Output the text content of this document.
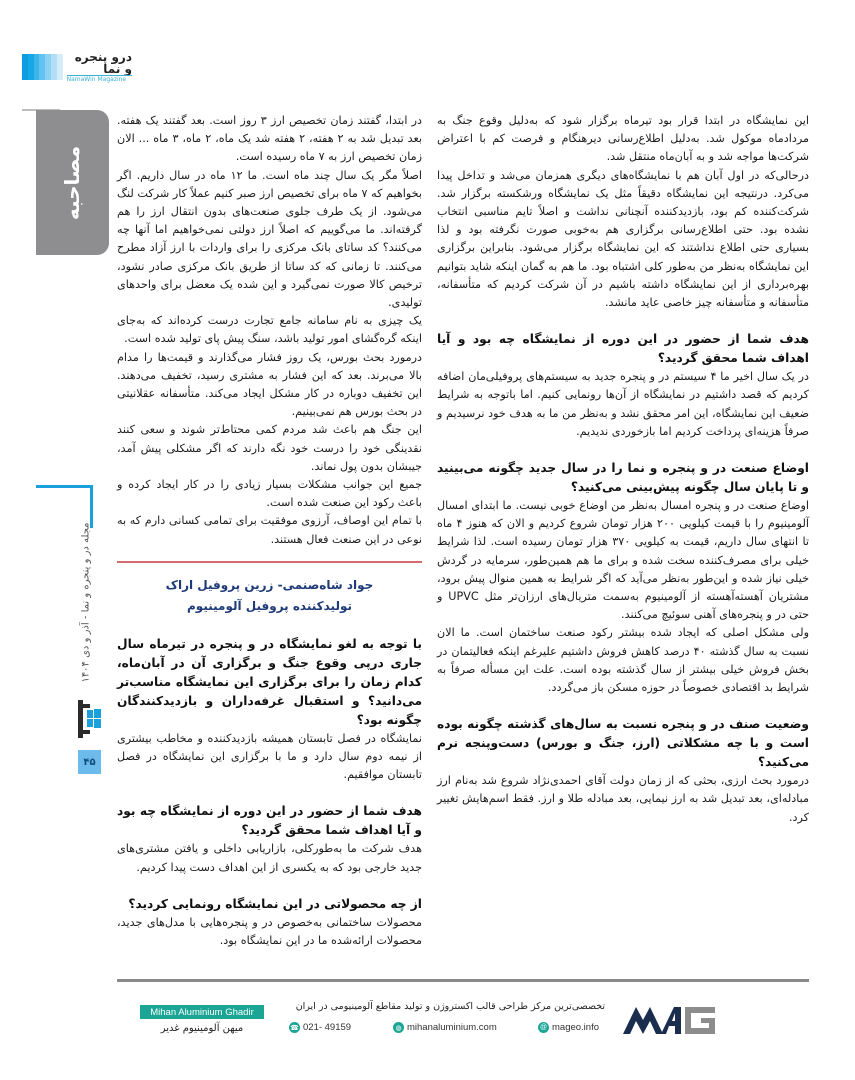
درو پنجره و نما
NamaWin Magazine
مصاحبه
مجله در و پنجره و نما - آذر و دی ۱۴۰۴
۴۵

این نمایشگاه در ابتدا قرار بود تیرماه برگزار شود که به‌دلیل وقوع جنگ به مردادماه موکول شد. به‌دلیل اطلاع‌رسانی دیرهنگام و فرصت کم با اعتراض شرکت‌ها مواجه شد و به آبان‌ماه منتقل شد.

درحالی‌که در اول آبان هم با نمایشگاه‌های دیگری همزمان می‌شد و تداخل پیدا می‌کرد. درنتیجه این نمایشگاه دقیقاً مثل یک نمایشگاه ورشکسته برگزار شد. شرکت‌کننده کم بود، بازدیدکننده آنچنانی نداشت و اصلاً تایم مناسبی انتخاب نشده بود. حتی اطلاع‌رسانی برگزاری هم به‌خوبی صورت نگرفته بود و لذا بسیاری حتی اطلاع نداشتند که این نمایشگاه برگزار می‌شود. بنابراین برگزاری این نمایشگاه به‌نظر من به‌طور کلی اشتباه بود. ما هم به گمان اینکه شاید بتوانیم بهره‌برداری از این نمایشگاه داشته باشیم در آن شرکت کردیم که متأسفانه، متأسفانه و متأسفانه چیز خاصی عاید مانشد.

هدف شما از حضور در این دوره از نمایشگاه چه بود و آیا اهداف شما محقق گردید؟

در یک سال اخیر ما ۴ سیستم در و پنجره جدید به سیستم‌های پروفیلی‌مان اضافه کردیم که قصد داشتیم در نمایشگاه از آن‌ها رونمایی کنیم. اما باتوجه به شرایط ضعیف این نمایشگاه، این امر محقق نشد و به‌نظر من ما به هدف خود نرسیدیم و صرفاً هزینه‌ای پرداخت کردیم اما بازخوردی ندیدیم.

اوضاع صنعت در و پنجره و نما را در سال جدید چگونه می‌بینید و تا پایان سال چگونه پیش‌بینی می‌کنید؟

اوضاع صنعت در و پنجره امسال به‌نظر من اوضاع خوبی نیست. ما ابتدای امسال آلومینیوم را با قیمت کیلویی ۲۰۰ هزار تومان شروع کردیم و الان که هنوز ۴ ماه تا انتهای سال داریم، قیمت به کیلویی ۳۷۰ هزار تومان رسیده است. لذا شرایط خیلی برای مصرف‌کننده سخت شده و برای ما هم همین‌طور، سرمایه در گردش خیلی نیاز شده و این‌طور به‌نظر می‌آید که اگر شرایط به همین منوال پیش برود، مشتریان آهسته‌آهسته از آلومینیوم به‌سمت متریال‌های ارزان‌تر مثل UPVC و حتی در و پنجره‌های آهنی سوئیچ می‌کنند.

ولی مشکل اصلی که ایجاد شده بیشتر رکود صنعت ساختمان است. ما الان نسبت به سال گذشته ۴۰ درصد کاهش فروش داشتیم علیرغم اینکه فعالیتمان در بخش فروش خیلی بیشتر از سال گذشته بوده است. علت این مسأله صرفاً به شرایط بد اقتصادی خصوصاً در حوزه مسکن باز می‌گردد.

وضعیت صنف در و پنجره نسبت به سال‌های گذشته چگونه بوده است و با چه مشکلاتی (ارز، جنگ و بورس) دست‌وپنجه نرم می‌کنید؟

درمورد بحث ارزی، بحثی که از زمان دولت آقای احمدی‌نژاد شروع شد به‌نام ارز مبادله‌ای، بعد تبدیل شد به ارز نیمایی، بعد مبادله طلا و ارز. فقط اسم‌هایش تغییر کرد.

در ابتدا، گفتند زمان تخصیص ارز ۳ روز است. بعد گفتند یک هفته. بعد تبدیل شد به ۲ هفته، ۲ هفته شد یک ماه، ۲ ماه، ۳ ماه ... الان زمان تخصیص ارز به ۷ ماه رسیده است.

اصلاً مگر یک سال چند ماه است. ما ۱۲ ماه در سال داریم. اگر بخواهیم که ۷ ماه برای تخصیص ارز صبر کنیم عملاً کار شرکت لنگ می‌شود. از یک طرف جلوی صنعت‌های بدون انتقال ارز را هم گرفته‌اند. ما می‌گوییم که اصلاً ارز دولتی نمی‌خواهیم اما آنها چه می‌کنند؟ کد ساتای بانک مرکزی را برای واردات با ارز آزاد مطرح می‌کنند. تا زمانی که کد ساتا از طریق بانک مرکزی صادر نشود، ترخیص کالا صورت نمی‌گیرد و این شده یک معضل برای واحدهای تولیدی.

یک چیزی به نام سامانه جامع تجارت درست کرده‌اند که به‌جای اینکه گره‌گشای امور تولید باشد، سنگ پیش پای تولید شده است.

درمورد بحث بورس، یک روز فشار می‌گذارند و قیمت‌ها را مدام بالا می‌برند. بعد که این فشار به مشتری رسید، تخفیف می‌دهند. این تخفیف دوباره در کار مشکل ایجاد می‌کند. متأسفانه عقلانیتی در بحث بورس هم نمی‌بینیم.

این جنگ هم باعث شد مردم کمی محتاط‌تر شوند و سعی کنند نقدینگی خود را درست خود نگه دارند که اگر مشکلی پیش آمد، جیبشان بدون پول نماند.

جمیع این جوانب مشکلات بسیار زیادی را در کار ایجاد کرده و باعث رکود این صنعت شده است.

با تمام این اوصاف، آرزوی موفقیت برای تمامی کسانی دارم که به نوعی در این صنعت فعال هستند.

جواد شاه‌صنمی- زرین پروفیل اراک
تولیدکننده پروفیل آلومینیوم

با توجه به لغو نمایشگاه در و پنجره در تیرماه سال جاری درپی وقوع جنگ و برگزاری آن در آبان‌ماه، کدام زمان را برای برگزاری این نمایشگاه مناسب‌تر می‌دانید؟ و استقبال غرفه‌داران و بازدیدکنندگان چگونه بود؟

نمایشگاه در فصل تابستان همیشه بازدیدکننده و مخاطب بیشتری از نیمه دوم سال دارد و ما با برگزاری این نمایشگاه در فصل تابستان موافقیم.

هدف شما از حضور در این دوره از نمایشگاه چه بود و آیا اهداف شما محقق گردید؟

هدف شرکت ما به‌طورکلی، بازاریابی داخلی و یافتن مشتری‌های جدید خارجی بود که به یکسری از این اهداف دست پیدا کردیم.

از چه محصولاتی در این نمایشگاه رونمایی کردید؟

محصولات ساختمانی به‌خصوص در و پنجره‌هایی با مدل‌های جدید، محصولات ارائه‌شده ما در این نمایشگاه بود.

Mihan Aluminium Ghadir
میهن آلومینیوم غدیر
تخصصی‌ترین مرکز طراحی قالب اکستروژن و تولید مقاطع آلومینیومی در ایران
☎ 021- 49159	◍ mihanaluminium.com	@ mageo.info
